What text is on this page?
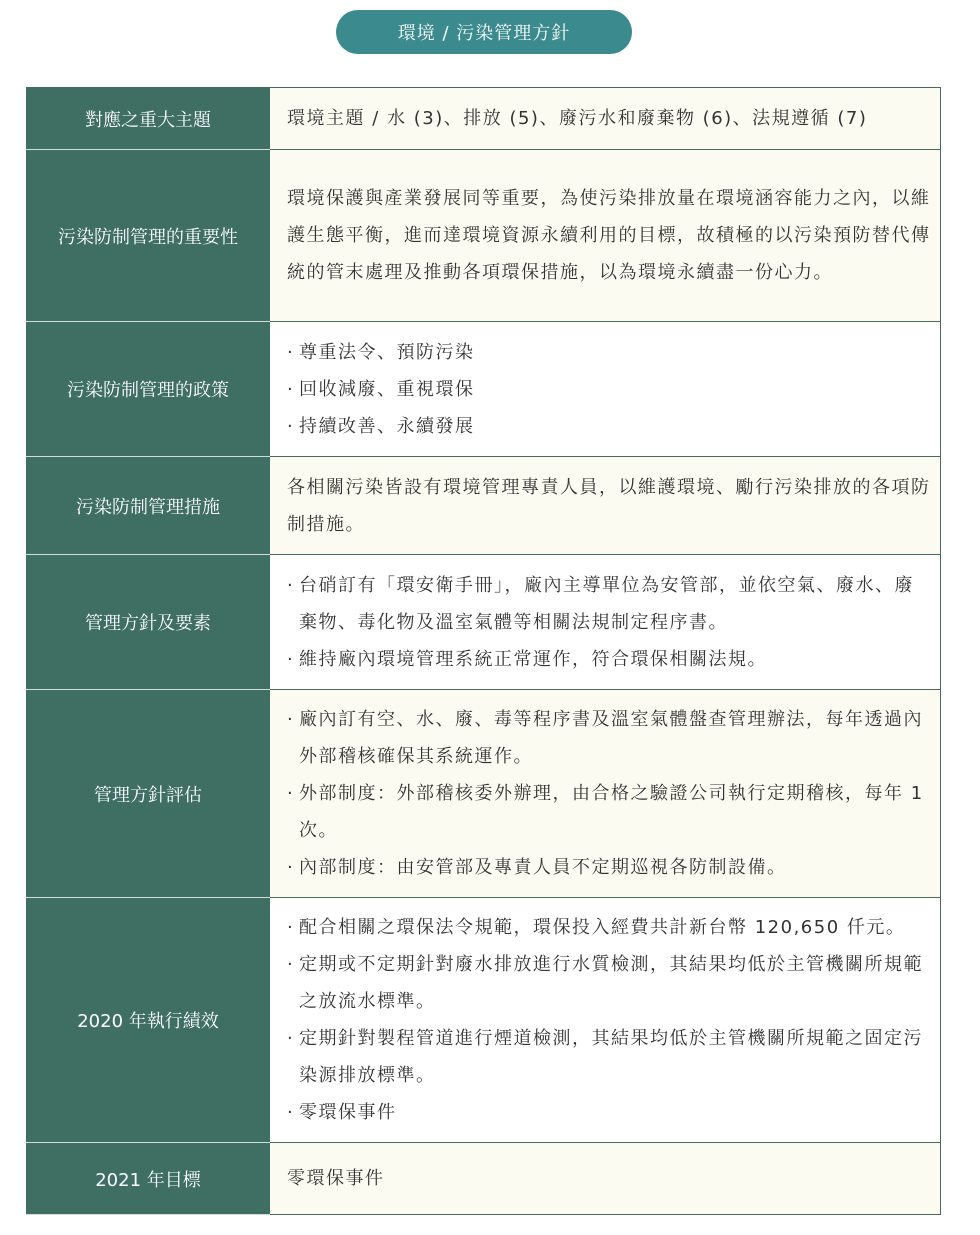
環境 / 污染管理方針
對應之重大主題	環境主題 / 水 (3)、排放 (5)、廢污水和廢棄物 (6)、法規遵循 (7)
污染防制管理的重要性	環境保護與產業發展同等重要，為使污染排放量在環境涵容能力之內，以維護生態平衡，進而達環境資源永續利用的目標，故積極的以污染預防替代傳統的管末處理及推動各項環保措施，以為環境永續盡一份心力。
污染防制管理的政策	· 尊重法令、預防污染
· 回收減廢、重視環保
· 持續改善、永續發展

污染防制管理措施	各相關污染皆設有環境管理專責人員，以維護環境、勵行污染排放的各項防制措施。
管理方針及要素	· 台硝訂有「環安衛手冊」，廠內主導單位為安管部，並依空氣、廢水、廢棄物、毒化物及溫室氣體等相關法規制定程序書。
· 維持廠內環境管理系統正常運作，符合環保相關法規。

管理方針評估	· 廠內訂有空、水、廢、毒等程序書及溫室氣體盤查管理辦法，每年透過內外部稽核確保其系統運作。
· 外部制度：外部稽核委外辦理，由合格之驗證公司執行定期稽核，每年 1 次。
· 內部制度：由安管部及專責人員不定期巡視各防制設備。

2020 年執行績效	· 配合相關之環保法令規範，環保投入經費共計新台幣 120,650 仟元。
· 定期或不定期針對廢水排放進行水質檢測，其結果均低於主管機關所規範之放流水標準。
· 定期針對製程管道進行煙道檢測，其結果均低於主管機關所規範之固定污染源排放標準。
· 零環保事件

2021 年目標	零環保事件
